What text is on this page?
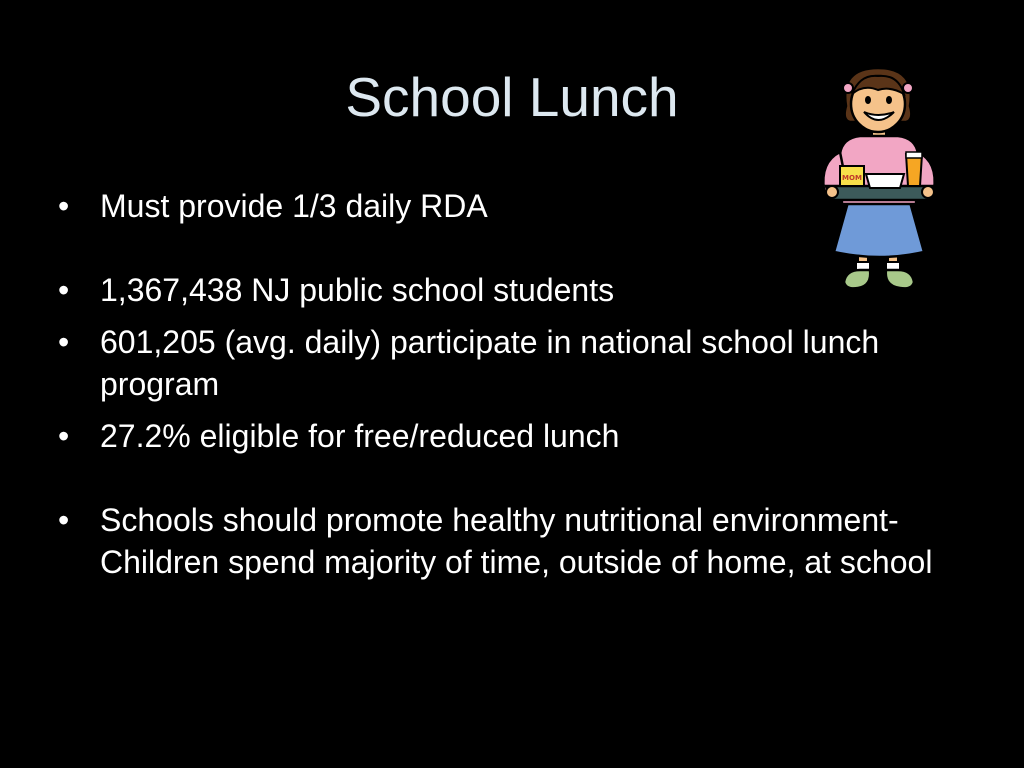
School Lunch
• Must provide 1/3 daily RDA
• 1,367,438 NJ public school students
• 601,205 (avg. daily) participate in national school lunch program
• 27.2% eligible for free/reduced lunch
• Schools should promote healthy nutritional environment- Children spend majority of time, outside of home, at school
MOM
